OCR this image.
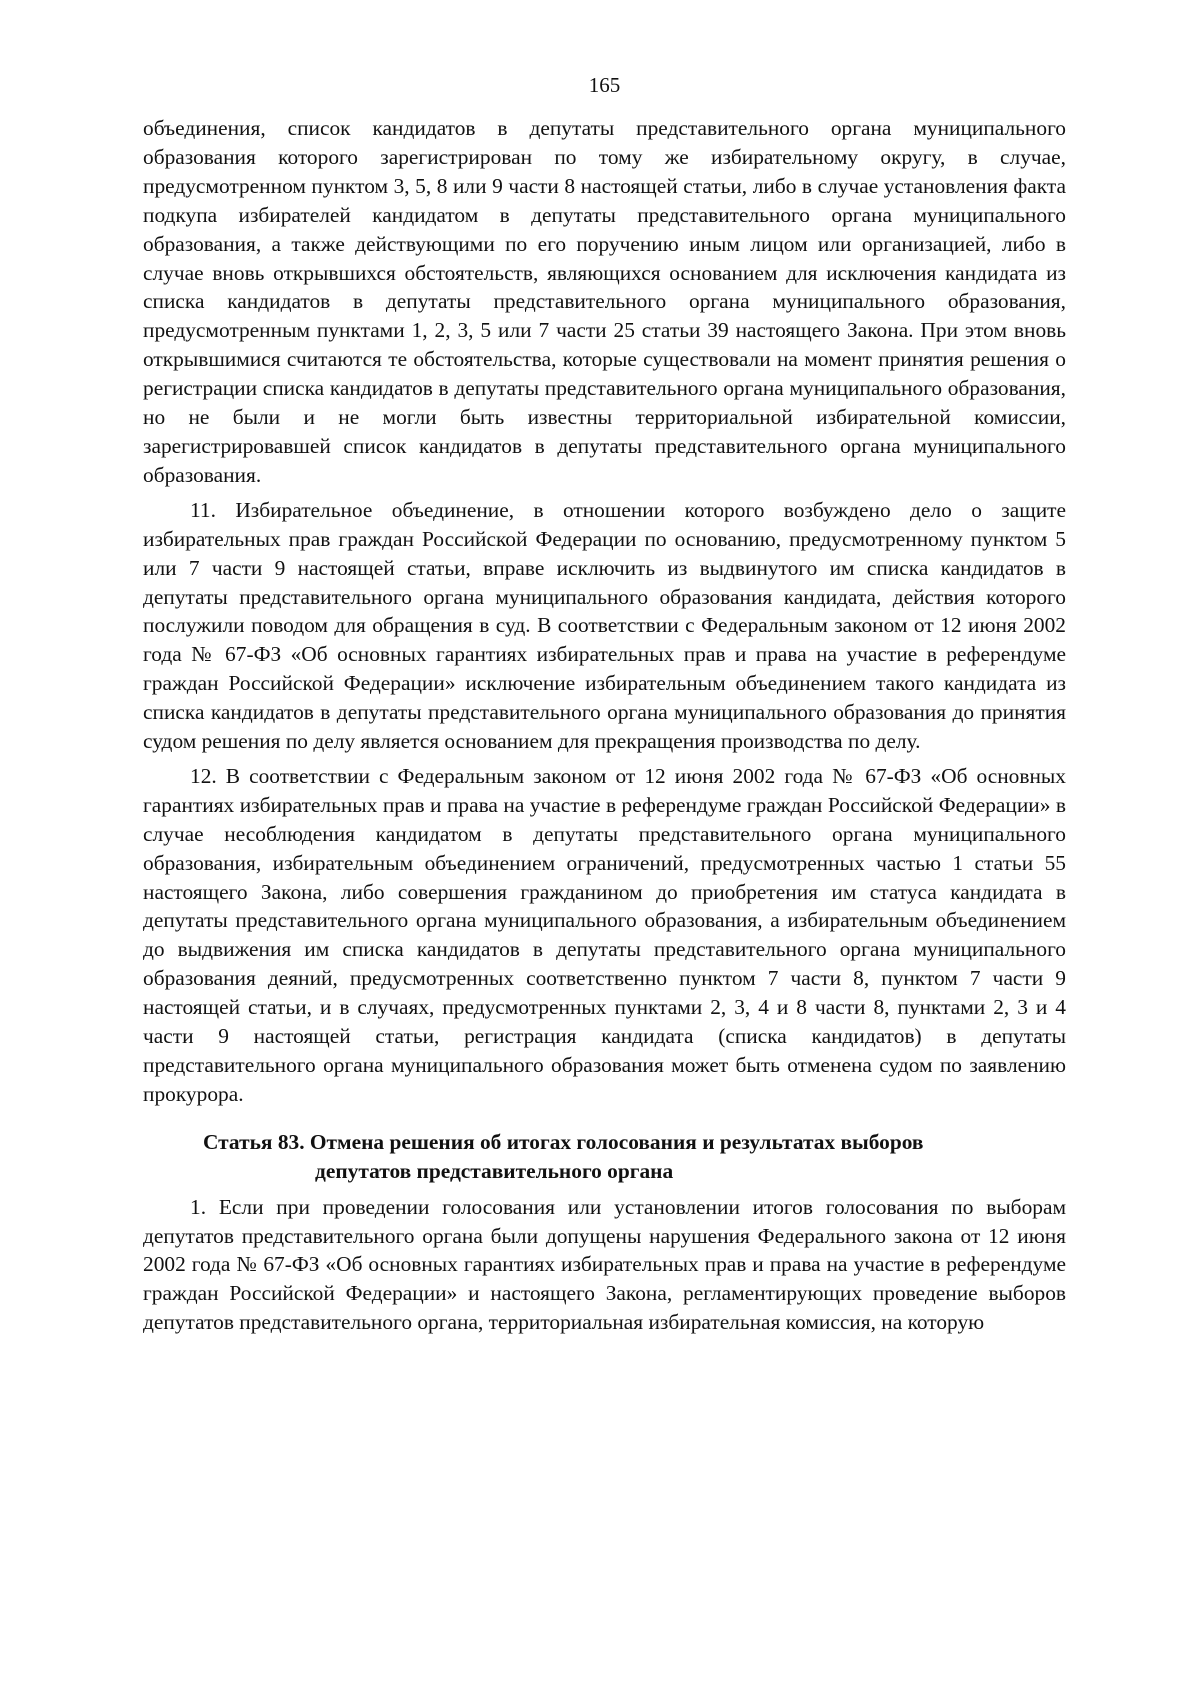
165

объединения, список кандидатов в депутаты представительного органа муниципального образования которого зарегистрирован по тому же избирательному округу, в случае, предусмотренном пунктом 3, 5, 8 или 9 части 8 настоящей статьи, либо в случае установления факта подкупа избирателей кандидатом в депутаты представительного органа муниципального образования, а также действующими по его поручению иным лицом или организацией, либо в случае вновь открывшихся обстоятельств, являющихся основанием для исключения кандидата из списка кандидатов в депутаты представительного органа муниципального образования, предусмотренным пунктами 1, 2, 3, 5 или 7 части 25 статьи 39 настоящего Закона. При этом вновь открывшимися считаются те обстоятельства, которые существовали на момент принятия решения о регистрации списка кандидатов в депутаты представительного органа муниципального образования, но не были и не могли быть известны территориальной избирательной комиссии, зарегистрировавшей список кандидатов в депутаты представительного органа муниципального образования.

11. Избирательное объединение, в отношении которого возбуждено дело о защите избирательных прав граждан Российской Федерации по основанию, предусмотренному пунктом 5 или 7 части 9 настоящей статьи, вправе исключить из выдвинутого им списка кандидатов в депутаты представительного органа муниципального образования кандидата, действия которого послужили поводом для обращения в суд. В соответствии с Федеральным законом от 12 июня 2002 года № 67-ФЗ «Об основных гарантиях избирательных прав и права на участие в референдуме граждан Российской Федерации» исключение избирательным объединением такого кандидата из списка кандидатов в депутаты представительного органа муниципального образования до принятия судом решения по делу является основанием для прекращения производства по делу.

12. В соответствии с Федеральным законом от 12 июня 2002 года № 67-ФЗ «Об основных гарантиях избирательных прав и права на участие в референдуме граждан Российской Федерации» в случае несоблюдения кандидатом в депутаты представительного органа муниципального образования, избирательным объединением ограничений, предусмотренных частью 1 статьи 55 настоящего Закона, либо совершения гражданином до приобретения им статуса кандидата в депутаты представительного органа муниципального образования, а избирательным объединением до выдвижения им списка кандидатов в депутаты представительного органа муниципального образования деяний, предусмотренных соответственно пунктом 7 части 8, пунктом 7 части 9 настоящей статьи, и в случаях, предусмотренных пунктами 2, 3, 4 и 8 части 8, пунктами 2, 3 и 4 части 9 настоящей статьи, регистрация кандидата (списка кандидатов) в депутаты представительного органа муниципального образования может быть отменена судом по заявлению прокурора.

Статья 83. Отмена решения об итогах голосования и результатах выборов
депутатов представительного органа

1. Если при проведении голосования или установлении итогов голосования по выборам депутатов представительного органа были допущены нарушения Федерального закона от 12 июня 2002 года № 67-ФЗ «Об основных гарантиях избирательных прав и права на участие в референдуме граждан Российской Федерации» и настоящего Закона, регламентирующих проведение выборов депутатов представительного органа, территориальная избирательная комиссия, на которую
